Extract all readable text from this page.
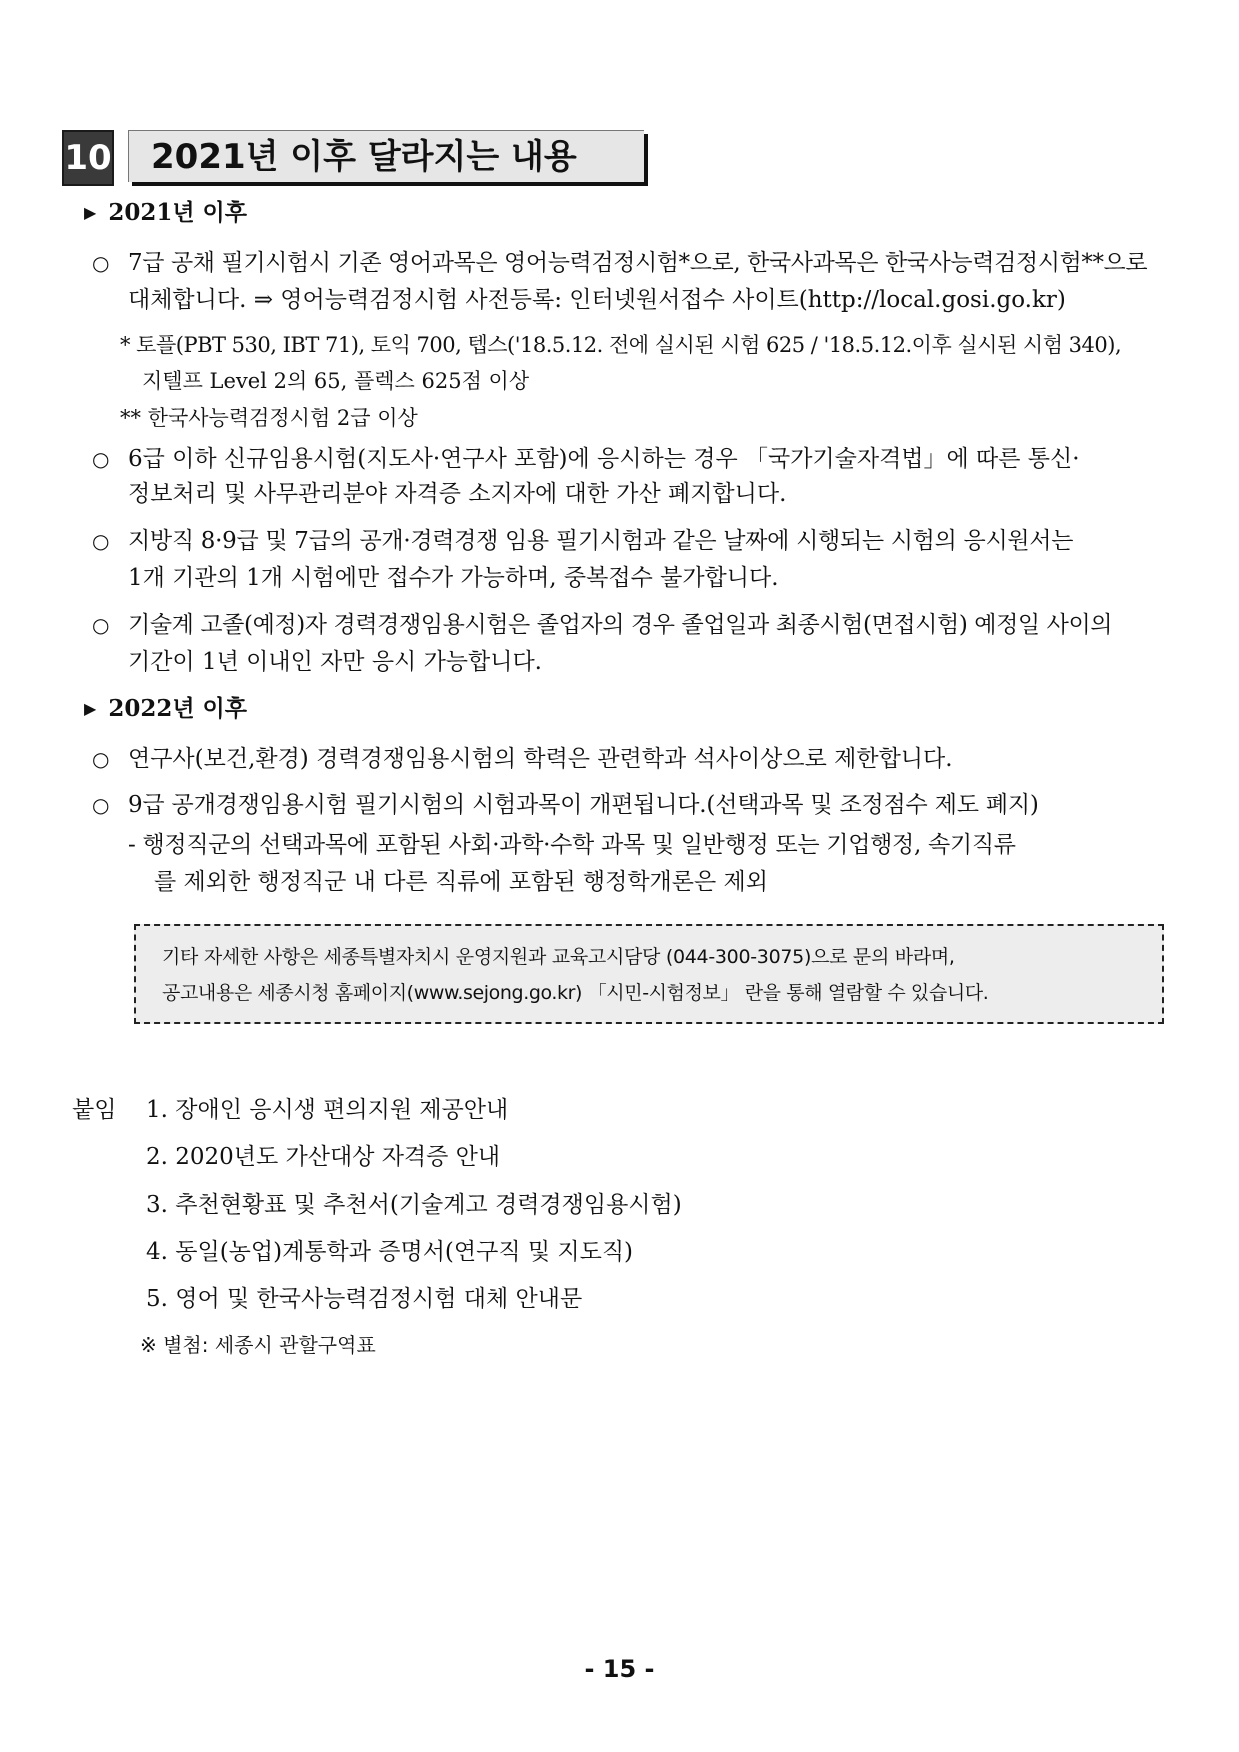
10	2021년 이후 달라지는 내용
▶ 2021년 이후
○ 7급 공채 필기시험시 기존 영어과목은 영어능력검정시험*으로, 한국사과목은 한국사능력검정시험**으로
대체합니다. ⇒ 영어능력검정시험 사전등록: 인터넷원서접수 사이트(http://local.gosi.go.kr)
* 토플(PBT 530, IBT 71), 토익 700, 텝스('18.5.12. 전에 실시된 시험 625 / '18.5.12.이후 실시된 시험 340),
지텔프 Level 2의 65, 플렉스 625점 이상
** 한국사능력검정시험 2급 이상
○ 6급 이하 신규임용시험(지도사·연구사 포함)에 응시하는 경우 「국가기술자격법」에 따른 통신·
정보처리 및 사무관리분야 자격증 소지자에 대한 가산 폐지합니다.
○ 지방직 8·9급 및 7급의 공개·경력경쟁 임용 필기시험과 같은 날짜에 시행되는 시험의 응시원서는
1개 기관의 1개 시험에만 접수가 가능하며, 중복접수 불가합니다.
○ 기술계 고졸(예정)자 경력경쟁임용시험은 졸업자의 경우 졸업일과 최종시험(면접시험) 예정일 사이의
기간이 1년 이내인 자만 응시 가능합니다.
▶ 2022년 이후
○ 연구사(보건,환경) 경력경쟁임용시험의 학력은 관련학과 석사이상으로 제한합니다.
○ 9급 공개경쟁임용시험 필기시험의 시험과목이 개편됩니다.(선택과목 및 조정점수 제도 폐지)
- 행정직군의 선택과목에 포함된 사회·과학·수학 과목 및 일반행정 또는 기업행정, 속기직류
를 제외한 행정직군 내 다른 직류에 포함된 행정학개론은 제외
기타 자세한 사항은 세종특별자치시 운영지원과 교육고시담당 (044-300-3075)으로 문의 바라며,
공고내용은 세종시청 홈페이지(www.sejong.go.kr) 「시민-시험정보」 란을 통해 열람할 수 있습니다.
붙임 1. 장애인 응시생 편의지원 제공안내
2. 2020년도 가산대상 자격증 안내
3. 추천현황표 및 추천서(기술계고 경력경쟁임용시험)
4. 동일(농업)계통학과 증명서(연구직 및 지도직)
5. 영어 및 한국사능력검정시험 대체 안내문
※ 별첨: 세종시 관할구역표
- 15 -
